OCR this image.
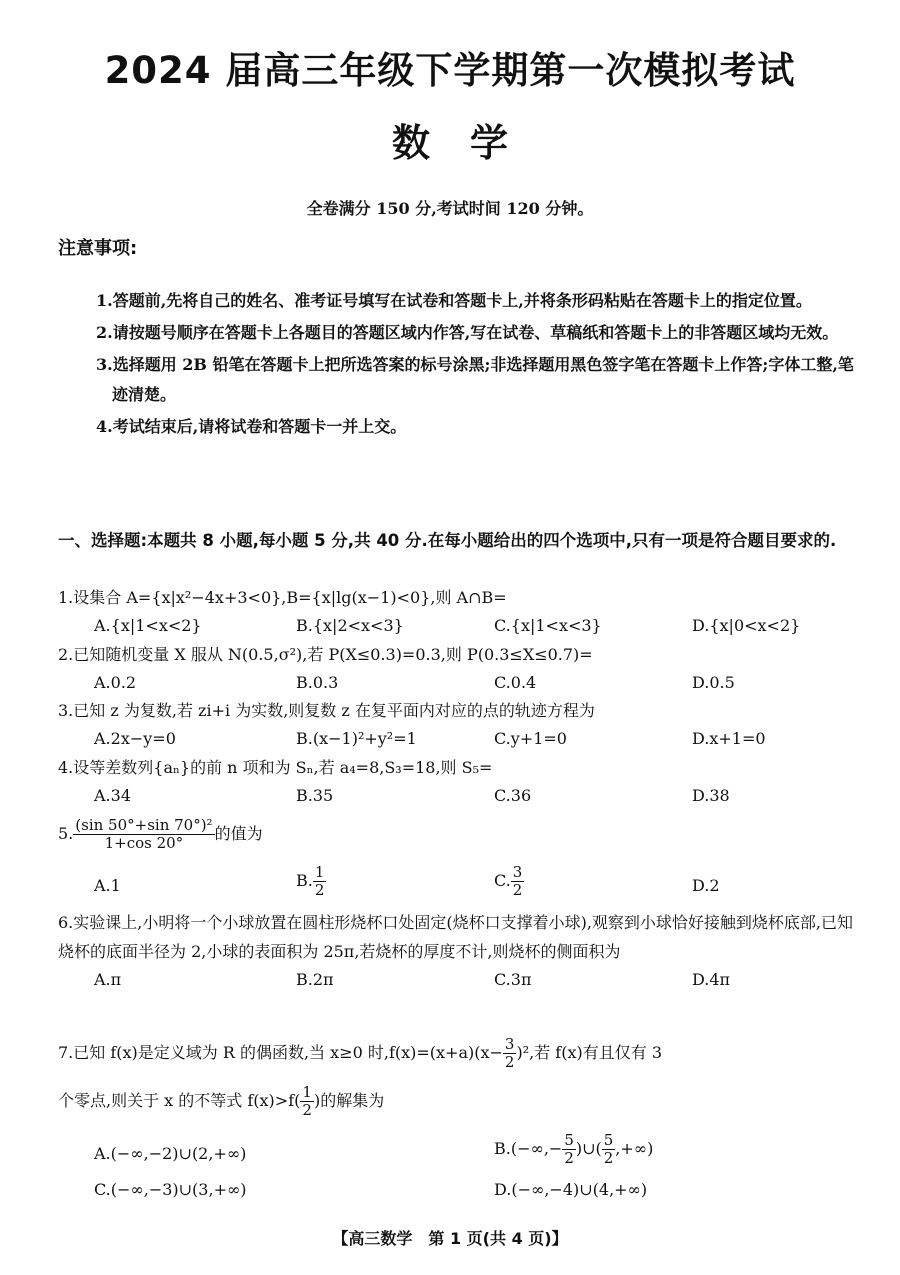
2024 届高三年级下学期第一次模拟考试
数学
全卷满分 150 分,考试时间 120 分钟。
注意事项:
1.答题前,先将自己的姓名、准考证号填写在试卷和答题卡上,并将条形码粘贴在答题卡上的指定位置。
2.请按题号顺序在答题卡上各题目的答题区域内作答,写在试卷、草稿纸和答题卡上的非答题区域均无效。
3.选择题用 2B 铅笔在答题卡上把所选答案的标号涂黑;非选择题用黑色签字笔在答题卡上作答;字体工整,笔迹清楚。
4.考试结束后,请将试卷和答题卡一并上交。
一、选择题:本题共 8 小题,每小题 5 分,共 40 分.在每小题给出的四个选项中,只有一项是符合题目要求的.
1.设集合 A={x|x²−4x+3<0},B={x|lg(x−1)<0},则 A∩B=
A.{x|1<x<2}	B.{x|2<x<3}	C.{x|1<x<3}	D.{x|0<x<2}
2.已知随机变量 X 服从 N(0.5,σ²),若 P(X≤0.3)=0.3,则 P(0.3≤X≤0.7)=
A.0.2	B.0.3	C.0.4	D.0.5
3.已知 z 为复数,若 zi+i 为实数,则复数 z 在复平面内对应的点的轨迹方程为
A.2x−y=0	B.(x−1)²+y²=1	C.y+1=0	D.x+1=0
4.设等差数列{aₙ}的前 n 项和为 Sₙ,若 a₄=8,S₃=18,则 S₅=
A.34	B.35	C.36	D.38
5. $\frac{\text{(sin 50°+sin 70°)²}}{1+\cos 20^\circ}$ 的值为
A.1	B. $\frac{1}{2}$	C. $\frac{3}{2}$	D.2
6.实验课上,小明将一个小球放置在圆柱形烧杯口处固定(烧杯口支撑着小球),观察到小球恰好接触到烧杯底部,已知烧杯的底面半径为 2,小球的表面积为 25π,若烧杯的厚度不计,则烧杯的侧面积为
A.π	B.2π	C.3π	D.4π
7.已知 f(x)是定义域为 R 的偶函数,当 x≥0 时$,f(x)=(x+a)(x- \frac{3}{2} )^2$,若 f(x)有且仅有 3
个零点,则关于 x 的不等式 $f(x)>f( \frac{1}{2}$ )的解集为
A.(−∞,−2)∪(2,+∞)	$B.(-\infty,- \frac{5}{2}$ )∪( $\frac{5}{2}$ ,+∞)
C.(−∞,−3)∪(3,+∞)	D.(−∞,−4)∪(4,+∞)
【高三数学　第 1 页(共 4 页)】
